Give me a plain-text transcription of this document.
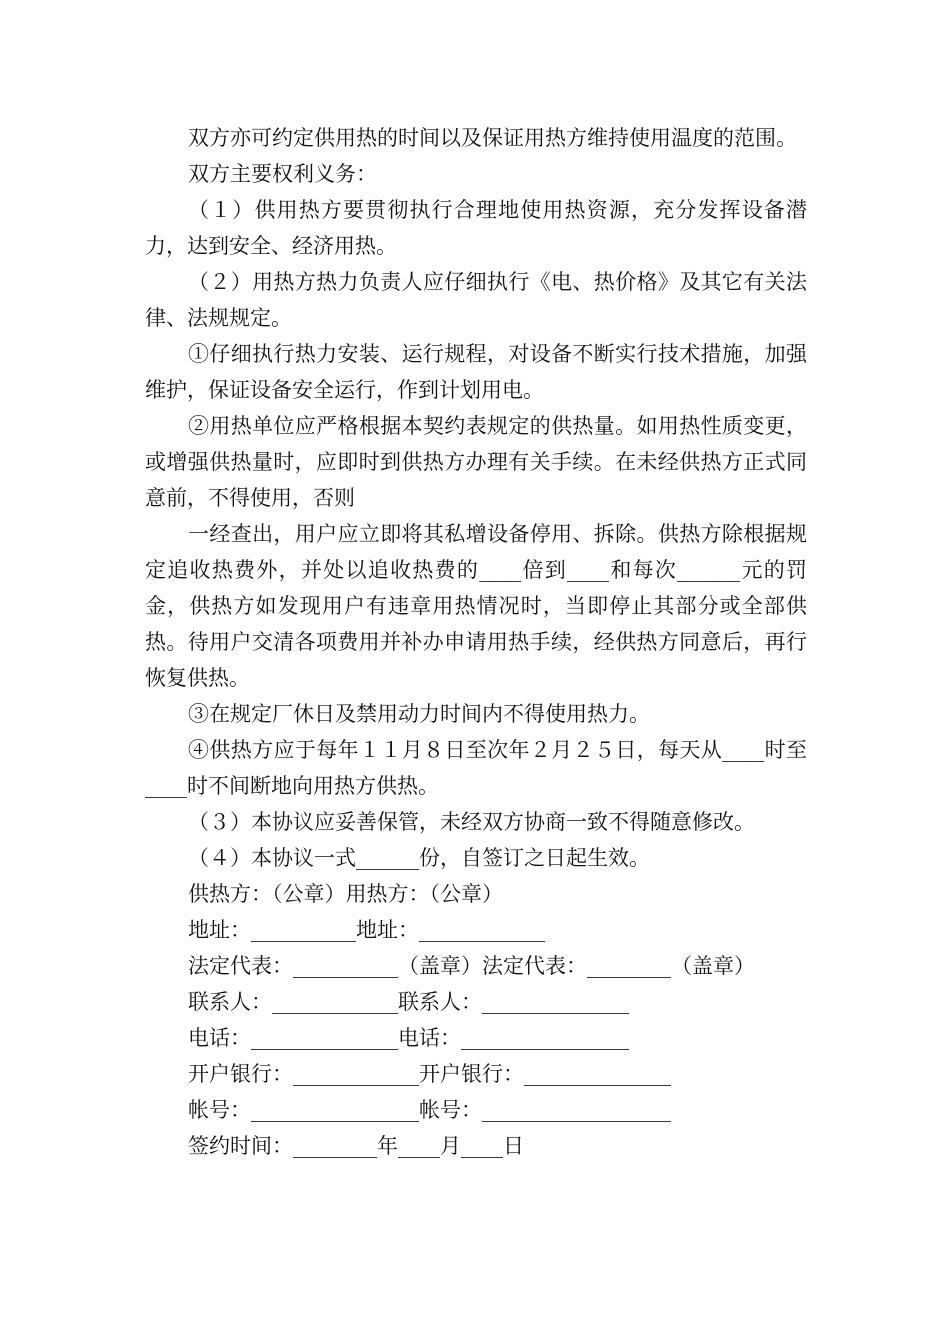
双方亦可约定供用热的时间以及保证用热方维持使用温度的范围。

双方主要权利义务：

（１）供用热方要贯彻执行合理地使用热资源，充分发挥设备潜力，达到安全、经济用热。

（２）用热方热力负责人应仔细执行《电、热价格》及其它有关法律、法规规定。

①仔细执行热力安装、运行规程，对设备不断实行技术措施，加强维护，保证设备安全运行，作到计划用电。

②用热单位应严格根据本契约表规定的供热量。如用热性质变更，或增强供热量时，应即时到供热方办理有关手续。在未经供热方正式同意前，不得使用，否则

一经查出，用户应立即将其私增设备停用、拆除。供热方除根据规定追收热费外，并处以追收热费的____倍到____和每次______元的罚金，供热方如发现用户有违章用热情况时，当即停止其部分或全部供热。待用户交清各项费用并补办申请用热手续，经供热方同意后，再行恢复供热。

③在规定厂休日及禁用动力时间内不得使用热力。

④供热方应于每年１１月８日至次年２月２５日，每天从____时至____时不间断地向用热方供热。

（３）本协议应妥善保管，未经双方协商一致不得随意修改。

（４）本协议一式______份，自签订之日起生效。

供热方：（公章）用热方：（公章）

地址：__________地址：____________

法定代表：__________（盖章）法定代表：________（盖章）

联系人：____________联系人：______________

电话：______________电话：________________

开户银行：____________开户银行：______________

帐号：________________帐号：__________________

签约时间：________年____月____日
